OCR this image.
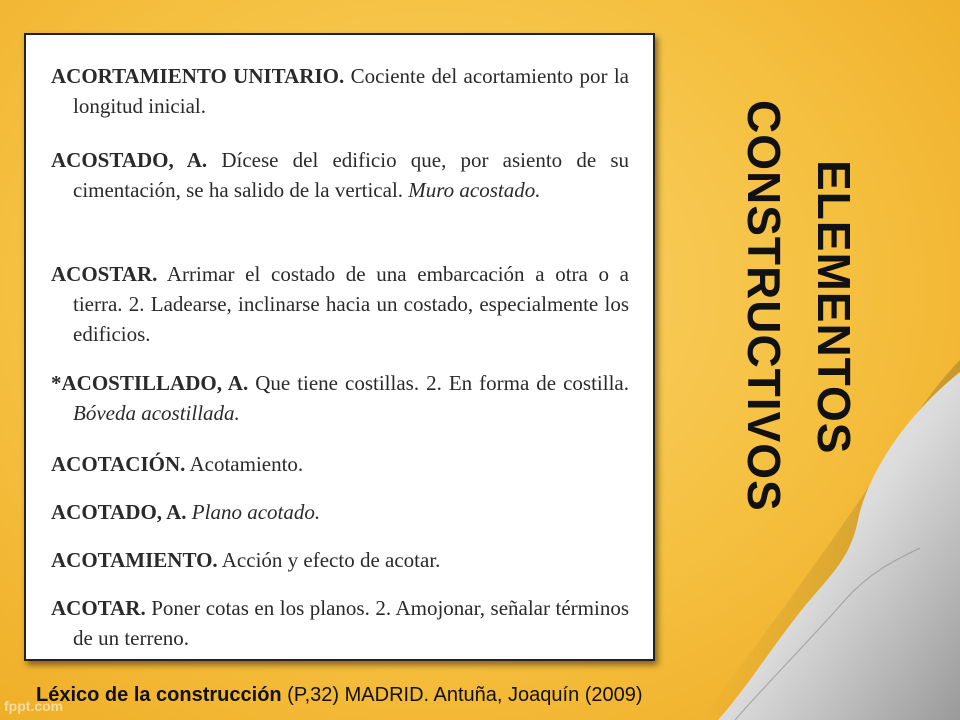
ACORTAMIENTO UNITARIO. Cociente del acortamiento por la longitud inicial.
ACOSTADO, A. Dícese del edificio que, por asiento de su cimentación, se ha salido de la vertical. Muro acostado.
ACOSTAR. Arrimar el costado de una embarcación a otra o a tierra. 2. Ladearse, inclinarse hacia un costado, especialmente los edificios.
*ACOSTILLADO, A. Que tiene costillas. 2. En forma de costilla. Bóveda acostillada.
ACOTACIÓN. Acotamiento.
ACOTADO, A. Plano acotado.
ACOTAMIENTO. Acción y efecto de acotar.
ACOTAR. Poner cotas en los planos. 2. Amojonar, señalar términos de un terreno.
ELEMENTOS
CONSTRUCTIVOS
Léxico de la construcción (P,32) MADRID. Antuña, Joaquín (2009)
fppt.com
